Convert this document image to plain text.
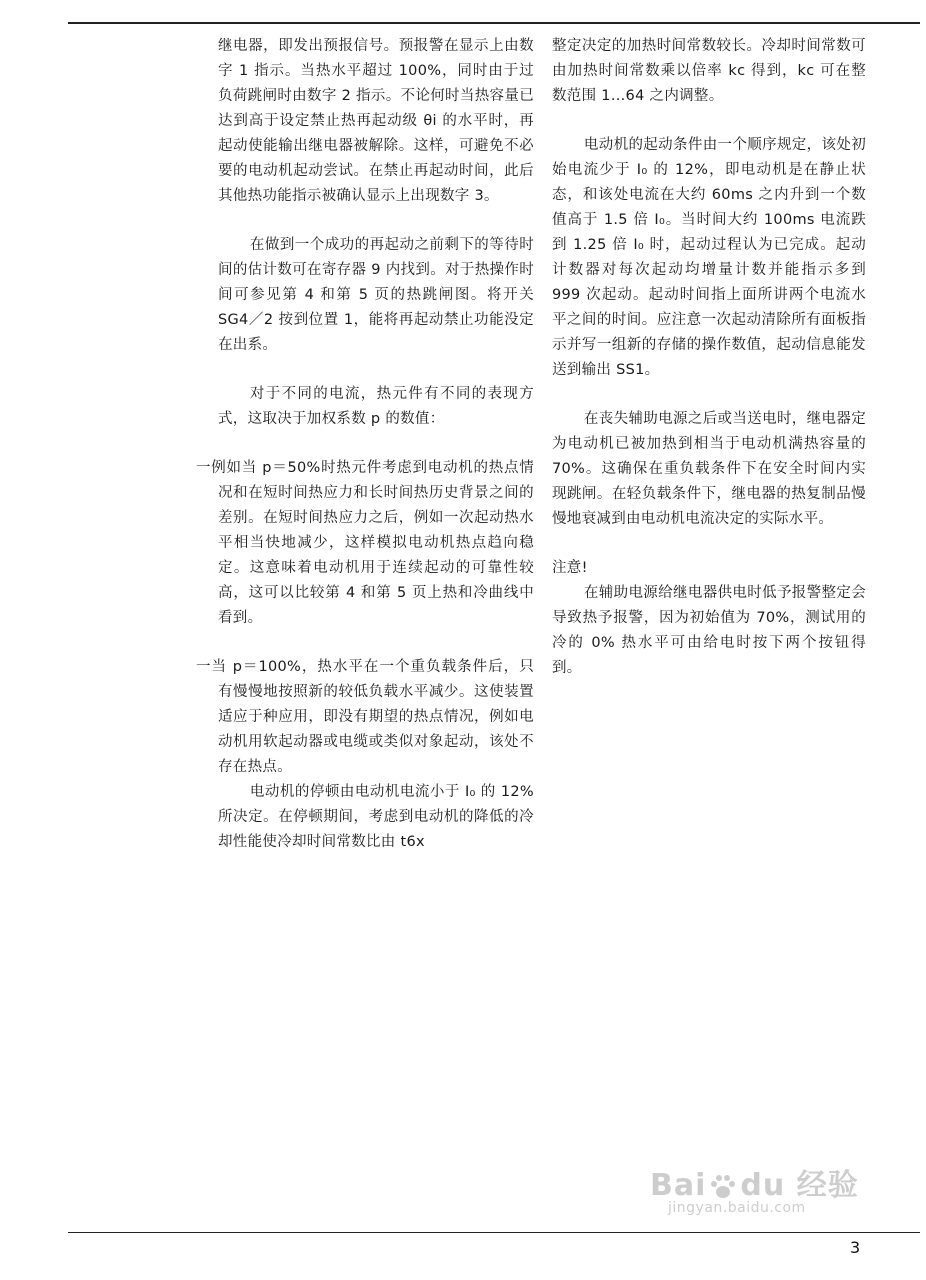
继电器，即发出预报信号。预报警在显示上由数字 1 指示。当热水平超过 100%，同时由于过负荷跳闸时由数字 2 指示。不论何时当热容量已达到高于设定禁止热再起动级 θi 的水平时，再起动使能输出继电器被解除。这样，可避免不必要的电动机起动尝试。在禁止再起动时间，此后其他热功能指示被确认显示上出现数字 3。

在做到一个成功的再起动之前剩下的等待时间的估计数可在寄存器 9 内找到。对于热操作时间可参见第 4 和第 5 页的热跳闸图。将开关 SG4／2 按到位置 1，能将再起动禁止功能没定在出系。

对于不同的电流，热元件有不同的表现方式，这取决于加权系数 p 的数值：

一例如当 p＝50%时热元件考虑到电动机的热点情况和在短时间热应力和长时间热历史背景之间的差别。在短时间热应力之后，例如一次起动热水平相当快地减少，这样模拟电动机热点趋向稳定。这意味着电动机用于连续起动的可靠性较高，这可以比较第 4 和第 5 页上热和冷曲线中看到。

一当 p＝100%，热水平在一个重负载条件后，只有慢慢地按照新的较低负载水平减少。这使装置适应于种应用，即没有期望的热点情况，例如电动机用软起动器或电缆或类似对象起动，该处不存在热点。

电动机的停顿由电动机电流小于 I₀ 的 12% 所决定。在停顿期间，考虑到电动机的降低的冷却性能使冷却时间常数比由 t6x

整定决定的加热时间常数较长。冷却时间常数可由加热时间常数乘以倍率 kc 得到，kc 可在整数范围 1...64 之内调整。

电动机的起动条件由一个顺序规定，该处初始电流少于 I₀ 的 12%，即电动机是在静止状态，和该处电流在大约 60ms 之内升到一个数值高于 1.5 倍 I₀。当时间大约 100ms 电流跌到 1.25 倍 I₀ 时，起动过程认为已完成。起动计数器对每次起动均增量计数并能指示多到 999 次起动。起动时间指上面所讲两个电流水平之间的时间。应注意一次起动清除所有面板指示并写一组新的存储的操作数值，起动信息能发送到输出 SS1。

在丧失辅助电源之后或当送电时，继电器定为电动机已被加热到相当于电动机满热容量的 70%。这确保在重负载条件下在安全时间内实现跳闸。在轻负载条件下，继电器的热复制品慢慢地衰减到由电动机电流决定的实际水平。

注意!

在辅助电源给继电器供电时低予报警整定会导致热予报警，因为初始值为 70%，测试用的冷的 0% 热水平可由给电时按下两个按钮得到。

Bai du 经验
jingyan.baidu.com
3
